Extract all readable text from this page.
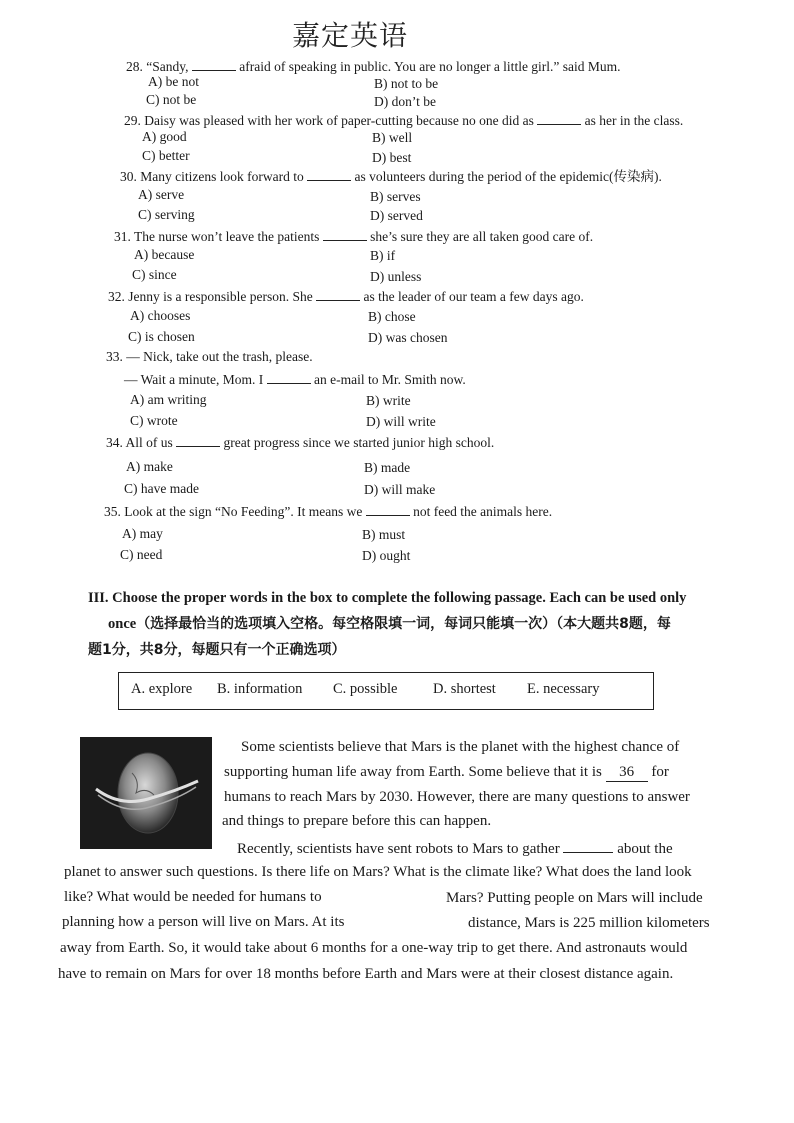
嘉定英语
28. “Sandy,	afraid of speaking in public. You are no longer a little girl.” said Mum.
A) be not	B) not to be
C) not be	D) don’t be
29. Daisy was pleased with her work of paper-cutting because no one did as	as her in the class.
A) good	B) well
C) better	D) best
30. Many citizens look forward to	as volunteers during the period of the epidemic(传染病).
A) serve	B) serves
C) serving	D) served
31. The nurse won’t leave the patients	she’s sure they are all taken good care of.
A) because	B) if
C) since	D) unless
32. Jenny is a responsible person. She	as the leader of our team a few days ago.
A) chooses	B) chose
C) is chosen	D) was chosen
33. — Nick, take out the trash, please.
— Wait a minute, Mom. I	an e-mail to Mr. Smith now.
A) am writing	B) write
C) wrote	D) will write
34. All of us	great progress since we started junior high school.
A) make	B) made
C) have made	D) will make
35. Look at the sign “No Feeding”. It means we	not feed the animals here.
A) may	B) must
C) need	D) ought
III. Choose the proper words in the box to complete the following passage. Each can be used only
once（选择最恰当的选项填入空格。每空格限填一词，每词只能填一次）（本大题共8题，每
题1分，共8分，每题只有一个正确选项）
A. explore B. information C. possible D. shortest E. necessary
Some scientists believe that Mars is the planet with the highest chance of
supporting human life away from Earth. Some believe that it is 36 for
humans to reach Mars by 2030. However, there are many questions to answer
and things to prepare before this can happen.
Recently, scientists have sent robots to Mars to gather	about the
planet to answer such questions. Is there life on Mars? What is the climate like? What does the land look
like? What would be needed for humans to	Mars? Putting people on Mars will include
planning how a person will live on Mars. At its	distance, Mars is 225 million kilometers
away from Earth. So, it would take about 6 months for a one-way trip to get there. And astronauts would
have to remain on Mars for over 18 months before Earth and Mars were at their closest distance again.
